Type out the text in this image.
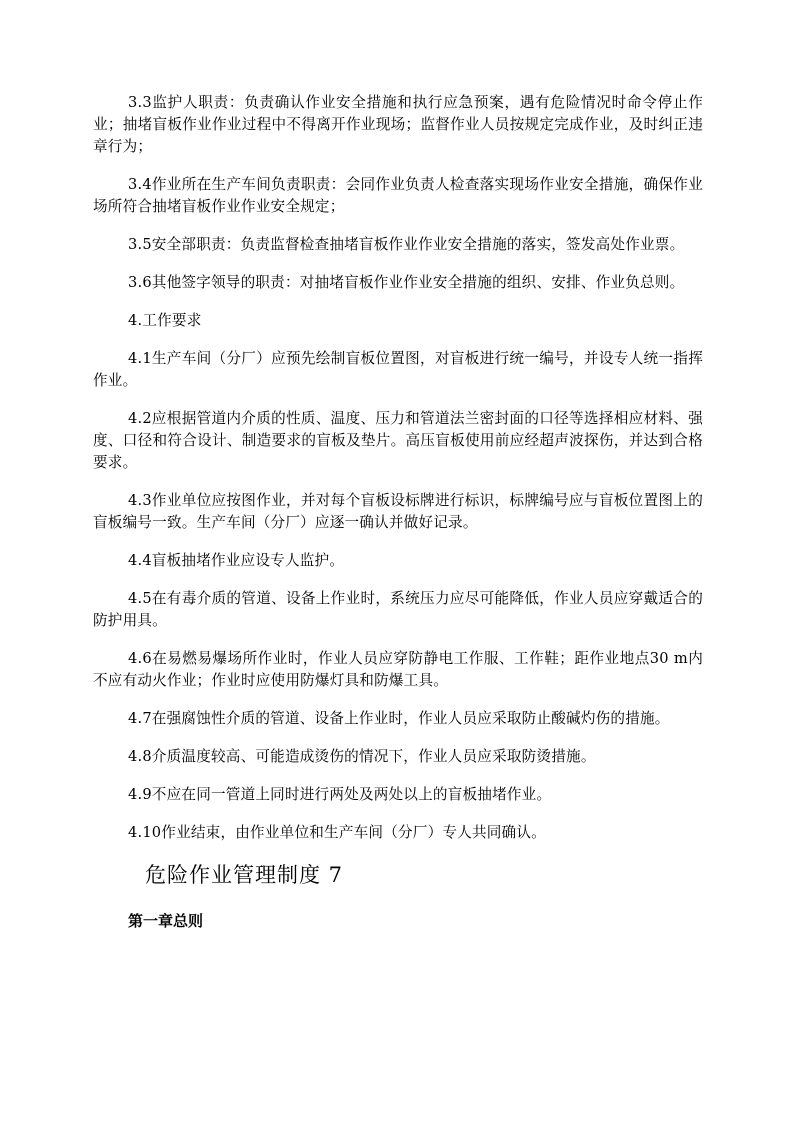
3.3监护人职责：负责确认作业安全措施和执行应急预案，遇有危险情况时命令停止作业；抽堵盲板作业作业过程中不得离开作业现场；监督作业人员按规定完成作业，及时纠正违章行为；

3.4作业所在生产车间负责职责：会同作业负责人检查落实现场作业安全措施，确保作业场所符合抽堵盲板作业作业安全规定；

3.5安全部职责：负责监督检查抽堵盲板作业作业安全措施的落实，签发高处作业票。

3.6其他签字领导的职责：对抽堵盲板作业作业安全措施的组织、安排、作业负总则。

4.工作要求

4.1生产车间（分厂）应预先绘制盲板位置图，对盲板进行统一编号，并设专人统一指挥作业。

4.2应根据管道内介质的性质、温度、压力和管道法兰密封面的口径等选择相应材料、强度、口径和符合设计、制造要求的盲板及垫片。高压盲板使用前应经超声波探伤，并达到合格要求。

4.3作业单位应按图作业，并对每个盲板设标牌进行标识，标牌编号应与盲板位置图上的盲板编号一致。生产车间（分厂）应逐一确认并做好记录。

4.4盲板抽堵作业应设专人监护。

4.5在有毒介质的管道、设备上作业时，系统压力应尽可能降低，作业人员应穿戴适合的防护用具。

4.6在易燃易爆场所作业时，作业人员应穿防静电工作服、工作鞋；距作业地点30 m内不应有动火作业；作业时应使用防爆灯具和防爆工具。

4.7在强腐蚀性介质的管道、设备上作业时，作业人员应采取防止酸碱灼伤的措施。

4.8介质温度较高、可能造成烫伤的情况下，作业人员应采取防烫措施。

4.9不应在同一管道上同时进行两处及两处以上的盲板抽堵作业。

4.10作业结束，由作业单位和生产车间（分厂）专人共同确认。

危险作业管理制度 7
第一章总则
